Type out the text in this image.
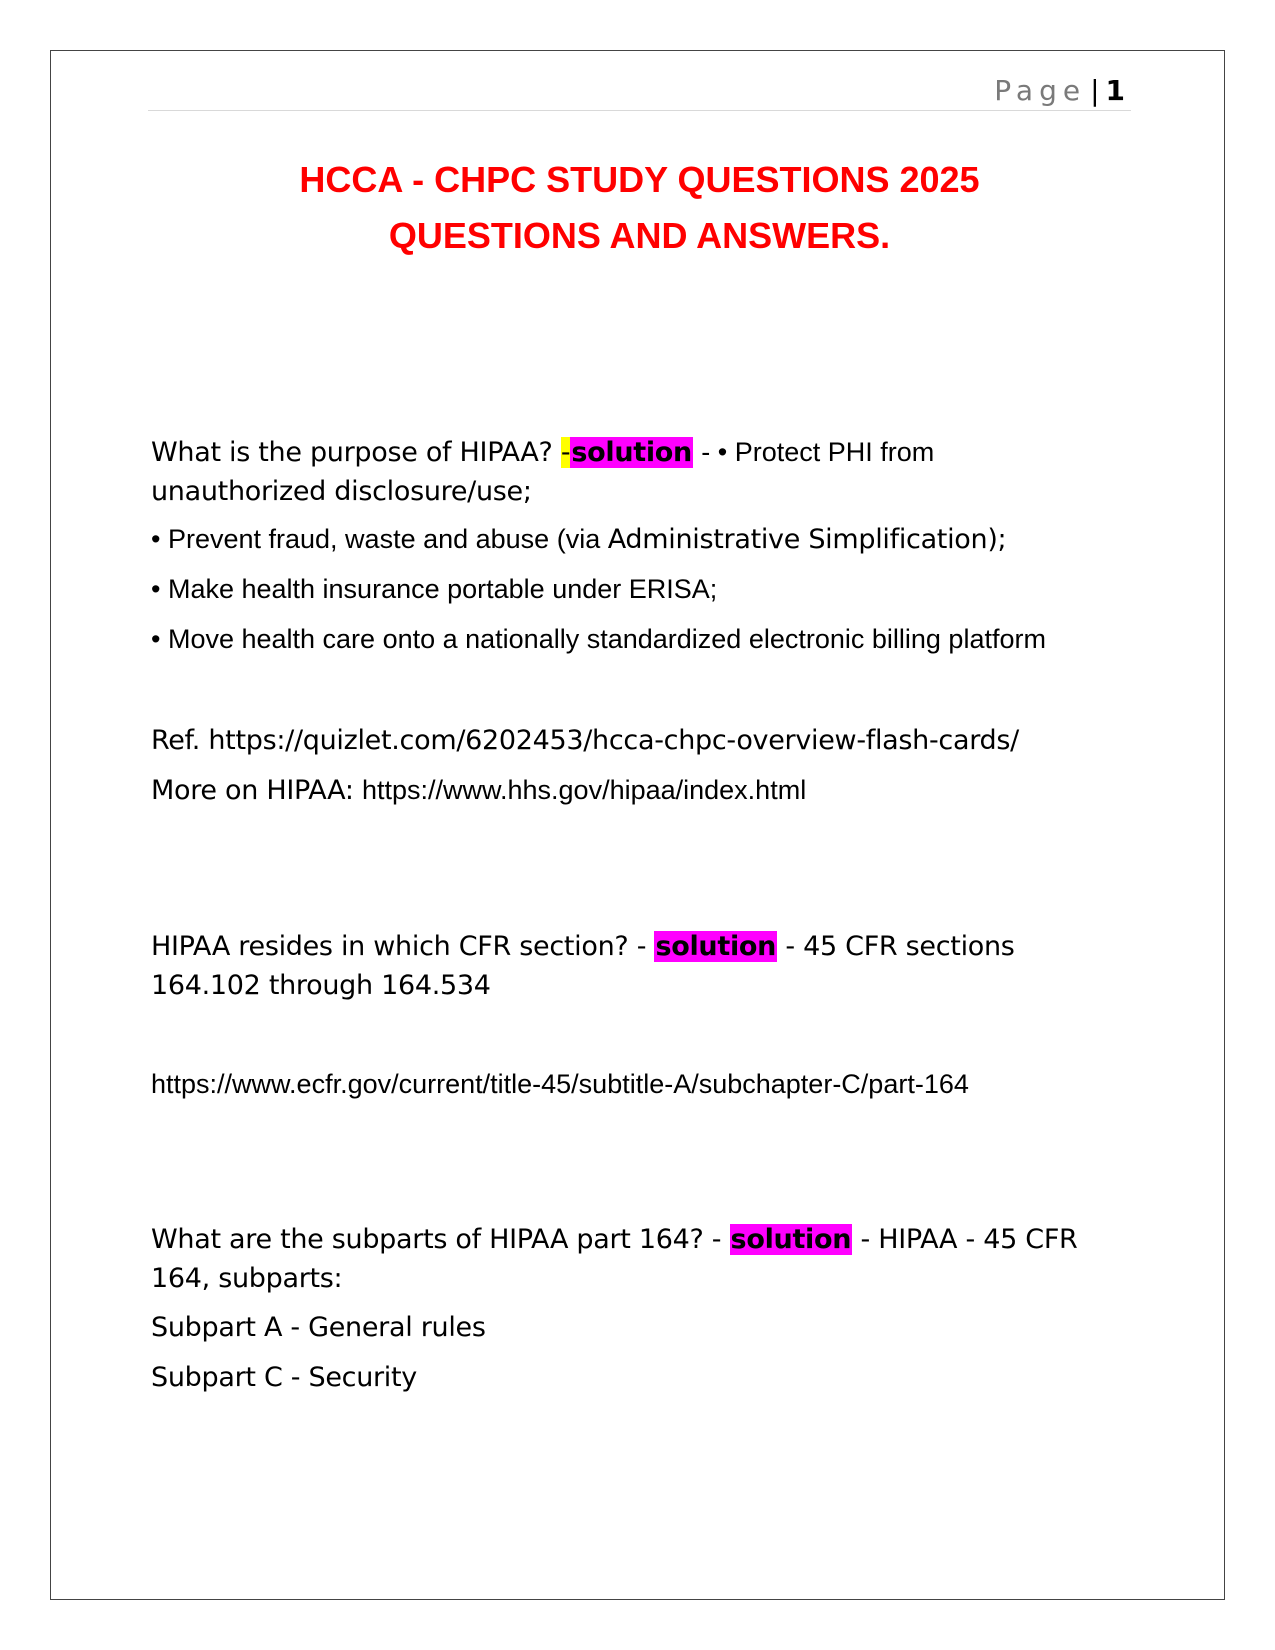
Page | 1
HCCA - CHPC STUDY QUESTIONS 2025
QUESTIONS AND ANSWERS.

What is the purpose of HIPAA? -solution - • Protect PHI from

unauthorized disclosure/use;

• Prevent fraud, waste and abuse (via Administrative Simplification);
• Make health insurance portable under ERISA;
• Move health care onto a nationally standardized electronic billing platform
Ref. https://quizlet.com/6202453/hcca-chpc-overview-flash-cards/
More on HIPAA: https://www.hhs.gov/hipaa/index.html

HIPAA resides in which CFR section? - solution - 45 CFR sections

164.102 through 164.534

https://www.ecfr.gov/current/title-45/subtitle-A/subchapter-C/part-164

What are the subparts of HIPAA part 164? - solution - HIPAA - 45 CFR

164, subparts:

Subpart A - General rules
Subpart C - Security
